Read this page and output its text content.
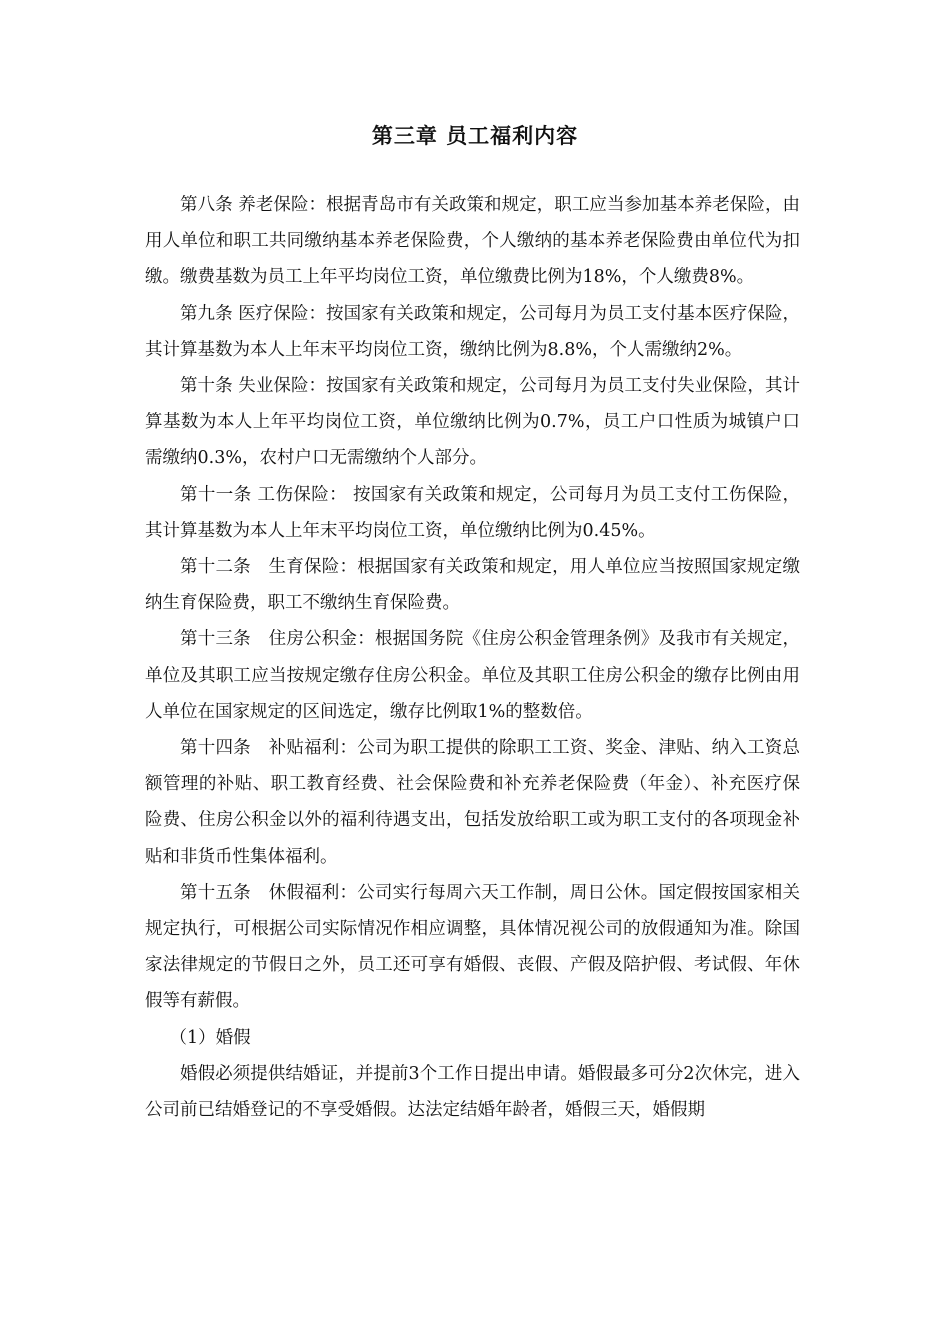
第三章 员工福利内容

第八条 养老保险：根据青岛市有关政策和规定，职工应当参加基本养老保险，由用人单位和职工共同缴纳基本养老保险费，个人缴纳的基本养老保险费由单位代为扣缴。缴费基数为员工上年平均岗位工资，单位缴费比例为18%，个人缴费8%。

第九条 医疗保险：按国家有关政策和规定，公司每月为员工支付基本医疗保险，其计算基数为本人上年末平均岗位工资，缴纳比例为8.8%，个人需缴纳2%。

第十条 失业保险：按国家有关政策和规定，公司每月为员工支付失业保险，其计算基数为本人上年平均岗位工资，单位缴纳比例为0.7%，员工户口性质为城镇户口需缴纳0.3%，农村户口无需缴纳个人部分。

第十一条 工伤保险： 按国家有关政策和规定，公司每月为员工支付工伤保险，其计算基数为本人上年末平均岗位工资，单位缴纳比例为0.45%。

第十二条　生育保险：根据国家有关政策和规定，用人单位应当按照国家规定缴纳生育保险费，职工不缴纳生育保险费。

第十三条　住房公积金：根据国务院《住房公积金管理条例》及我市有关规定，单位及其职工应当按规定缴存住房公积金。单位及其职工住房公积金的缴存比例由用人单位在国家规定的区间选定，缴存比例取1%的整数倍。

第十四条　补贴福利：公司为职工提供的除职工工资、奖金、津贴、纳入工资总额管理的补贴、职工教育经费、社会保险费和补充养老保险费（年金）、补充医疗保险费、住房公积金以外的福利待遇支出，包括发放给职工或为职工支付的各项现金补贴和非货币性集体福利。

第十五条　休假福利：公司实行每周六天工作制，周日公休。国定假按国家相关规定执行，可根据公司实际情况作相应调整，具体情况视公司的放假通知为准。除国家法律规定的节假日之外，员工还可享有婚假、丧假、产假及陪护假、考试假、年休假等有薪假。

（1）婚假

婚假必须提供结婚证，并提前3个工作日提出申请。婚假最多可分2次休完，进入公司前已结婚登记的不享受婚假。达法定结婚年龄者，婚假三天，婚假期
